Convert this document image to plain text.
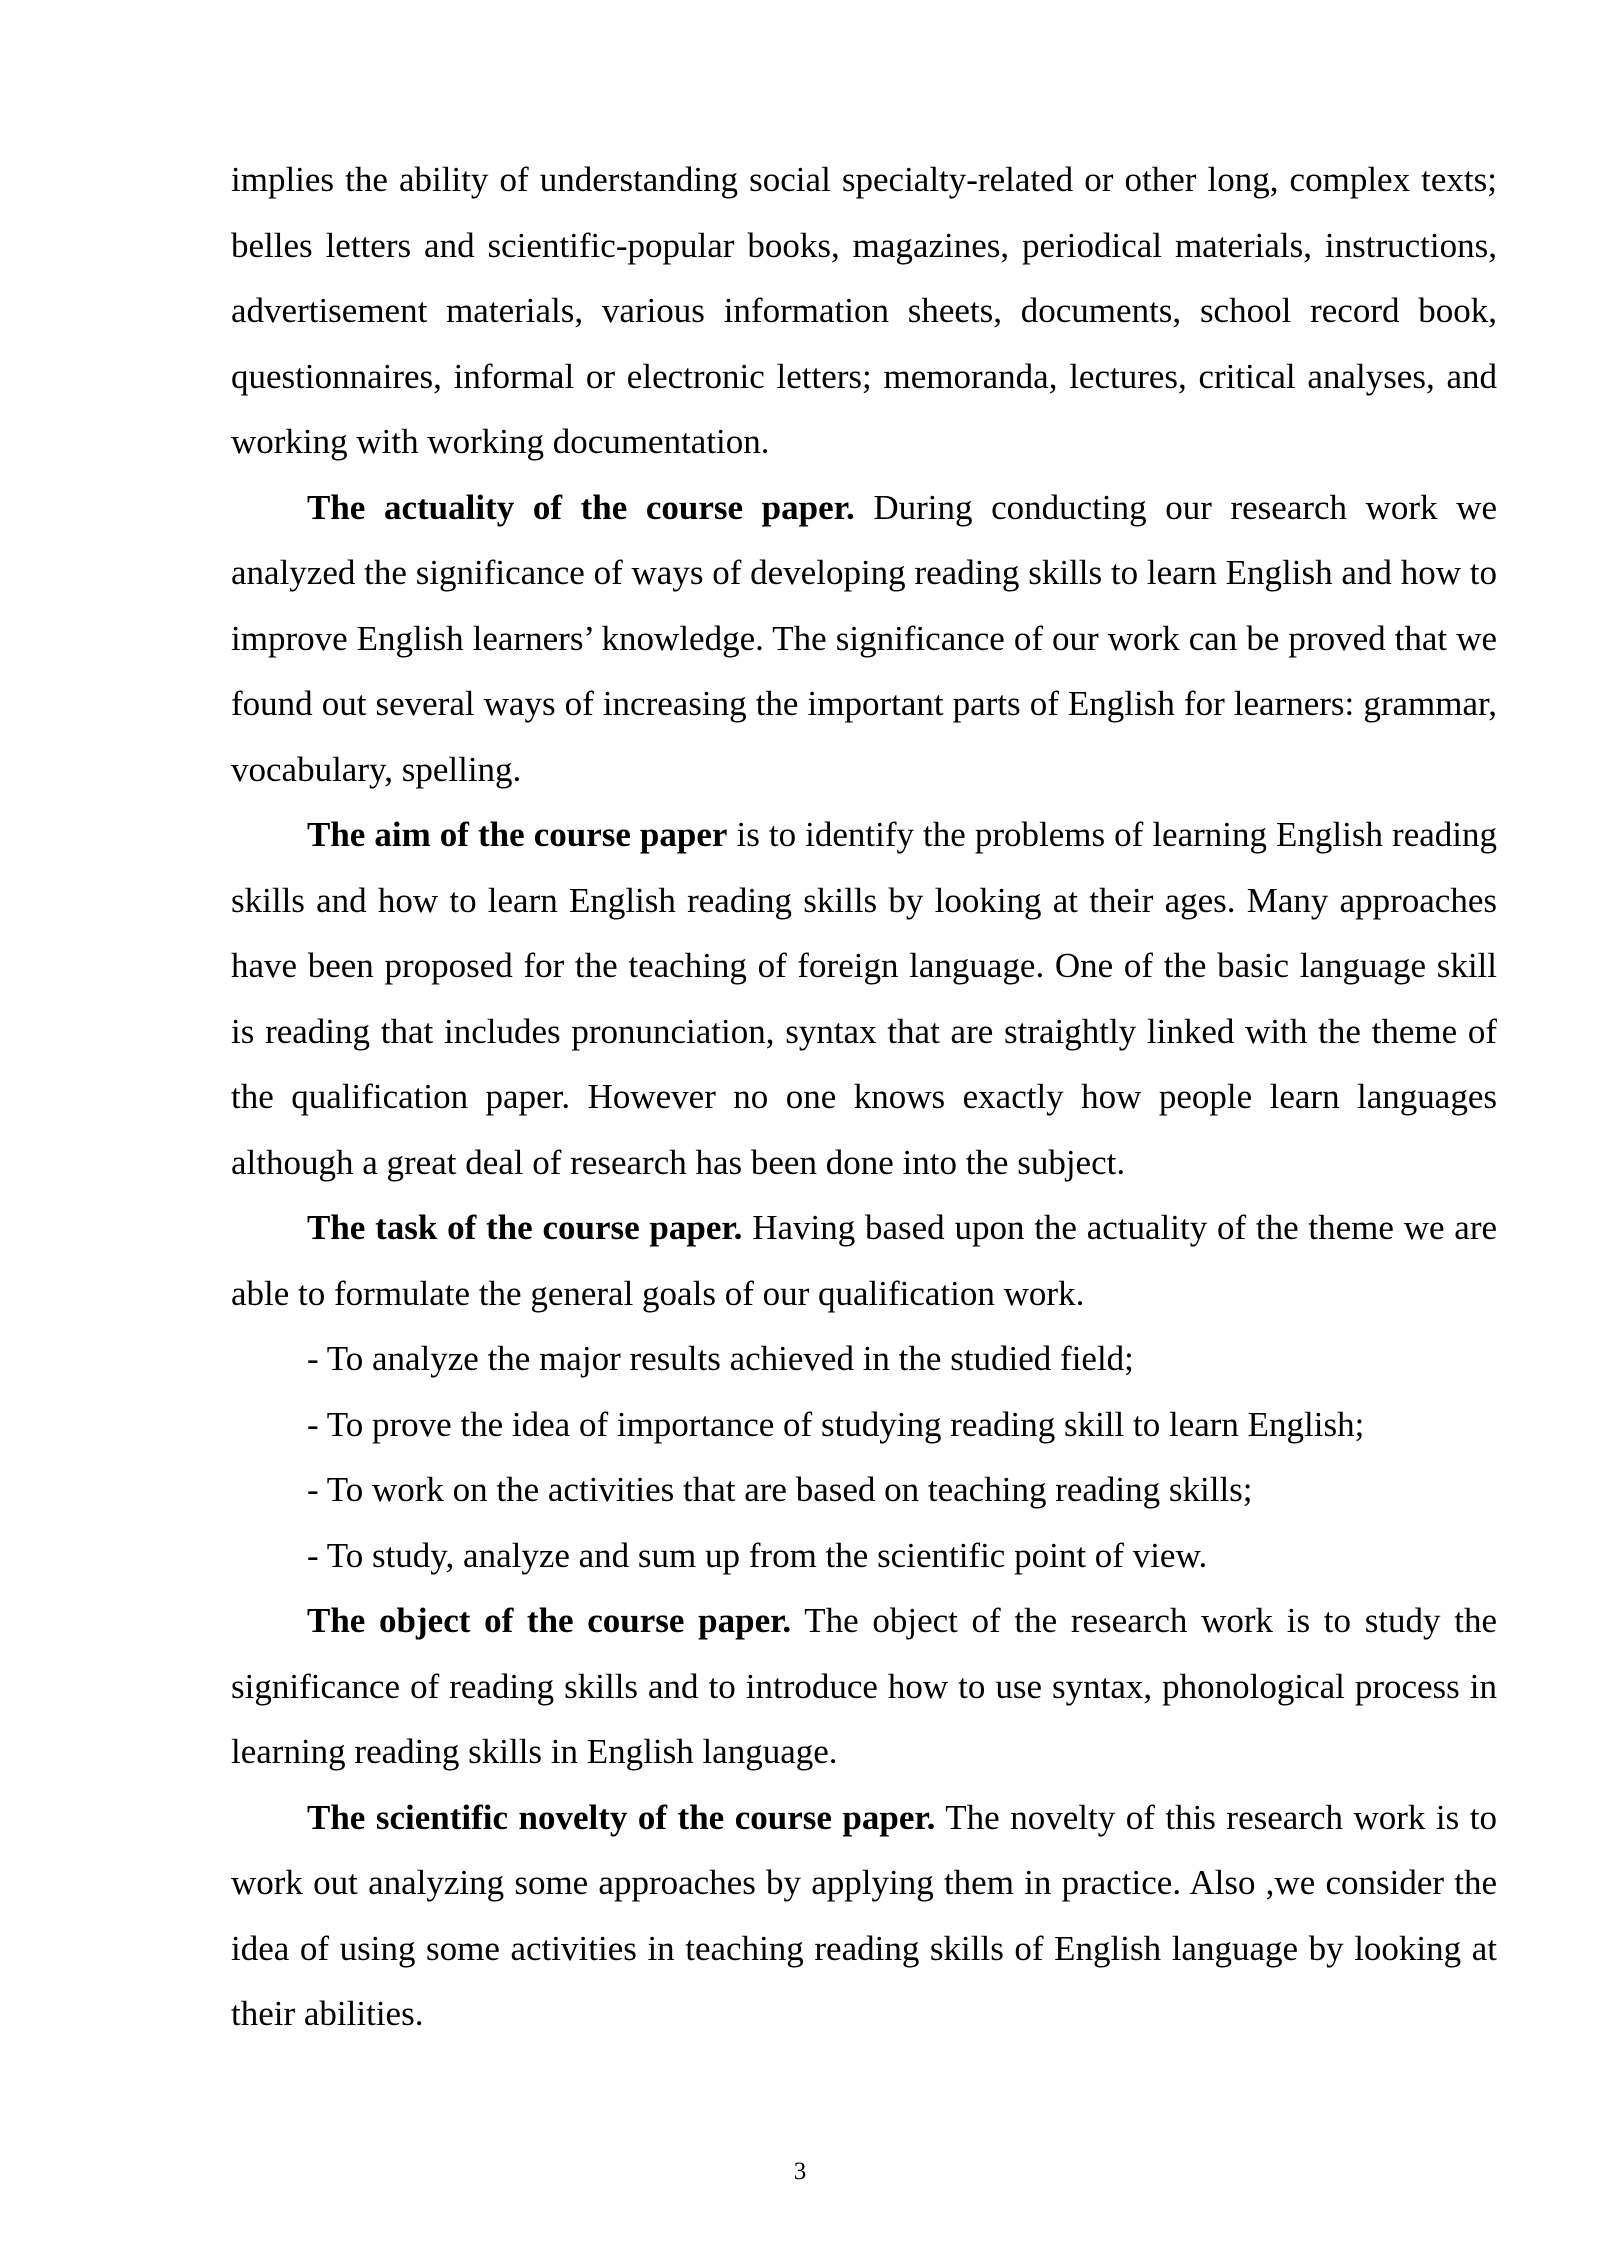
implies the ability of understanding social specialty-related or other long, complex texts; belles letters and scientific-popular books, magazines, periodical materials, instructions, advertisement materials, various information sheets, documents, school record book, questionnaires, informal or electronic letters; memoranda, lectures, critical analyses, and working with working documentation.

The actuality of the course paper. During conducting our research work we analyzed the significance of ways of developing reading skills to learn English and how to improve English learners’ knowledge. The significance of our work can be proved that we found out several ways of increasing the important parts of English for learners: grammar, vocabulary, spelling.

The aim of the course paper is to identify the problems of learning English reading skills and how to learn English reading skills by looking at their ages. Many approaches have been proposed for the teaching of foreign language. One of the basic language skill is reading that includes pronunciation, syntax that are straightly linked with the theme of the qualification paper. However no one knows exactly how people learn languages although a great deal of research has been done into the subject.

The task of the course paper. Having based upon the actuality of the theme we are able to formulate the general goals of our qualification work.

- To analyze the major results achieved in the studied field;
- To prove the idea of importance of studying reading skill to learn English;
- To work on the activities that are based on teaching reading skills;
- To study, analyze and sum up from the scientific point of view.

The object of the course paper. The object of the research work is to study the significance of reading skills and to introduce how to use syntax, phonological process in learning reading skills in English language.

The scientific novelty of the course paper. The novelty of this research work is to work out analyzing some approaches by applying them in practice. Also ,we consider the idea of using some activities in teaching reading skills of English language by looking at their abilities.

3
